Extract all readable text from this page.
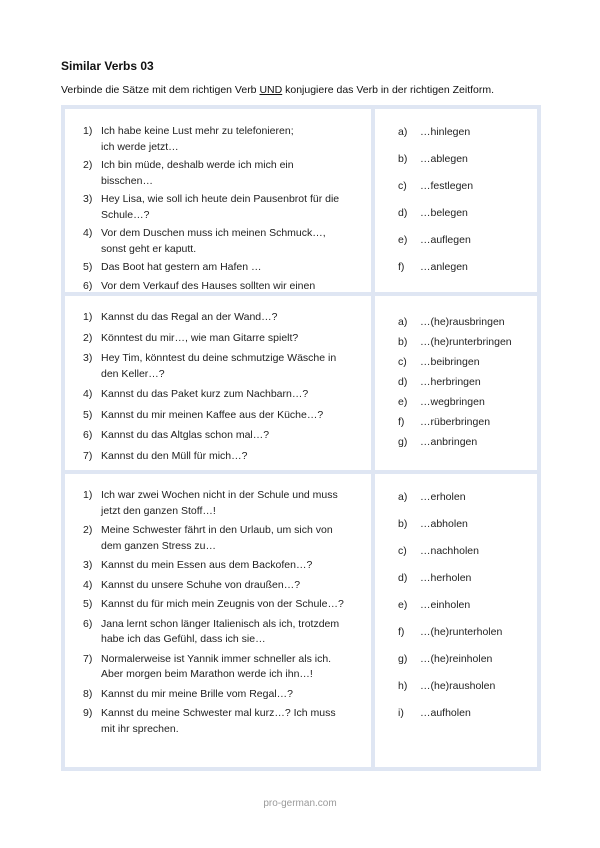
Similar Verbs 03
Verbinde die Sätze mit dem richtigen Verb UND konjugiere das Verb in der richtigen Zeitform.
1) Ich habe keine Lust mehr zu telefonieren;
ich werde jetzt…
2) Ich bin müde, deshalb werde ich mich ein
bisschen…
3) Hey Lisa, wie soll ich heute dein Pausenbrot für die
Schule…?
4) Vor dem Duschen muss ich meinen Schmuck…,
sonst geht er kaputt.
5) Das Boot hat gestern am Hafen …
6) Vor dem Verkauf des Hauses sollten wir einen
a) …hinlegen
b) …ablegen
c) …festlegen
d) …belegen
e) …auflegen
f) …anlegen
1) Kannst du das Regal an der Wand…?
2) Könntest du mir…, wie man Gitarre spielt?
3) Hey Tim, könntest du deine schmutzige Wäsche in
den Keller…?
4) Kannst du das Paket kurz zum Nachbarn…?
5) Kannst du mir meinen Kaffee aus der Küche…?
6) Kannst du das Altglas schon mal…?
7) Kannst du den Müll für mich…?
a) …(he)rausbringen
b) …(he)runterbringen
c) …beibringen
d) …herbringen
e) …wegbringen
f) …rüberbringen
g) …anbringen
1) Ich war zwei Wochen nicht in der Schule und muss
jetzt den ganzen Stoff…!
2) Meine Schwester fährt in den Urlaub, um sich von
dem ganzen Stress zu…
3) Kannst du mein Essen aus dem Backofen…?
4) Kannst du unsere Schuhe von draußen…?
5) Kannst du für mich mein Zeugnis von der Schule…?
6) Jana lernt schon länger Italienisch als ich, trotzdem
habe ich das Gefühl, dass ich sie…
7) Normalerweise ist Yannik immer schneller als ich.
Aber morgen beim Marathon werde ich ihn…!
8) Kannst du mir meine Brille vom Regal…?
9) Kannst du meine Schwester mal kurz…? Ich muss
mit ihr sprechen.
a) …erholen
b) …abholen
c) …nachholen
d) …herholen
e) …einholen
f) …(he)runterholen
g) …(he)reinholen
h) …(he)rausholen
i) …aufholen
pro-german.com
